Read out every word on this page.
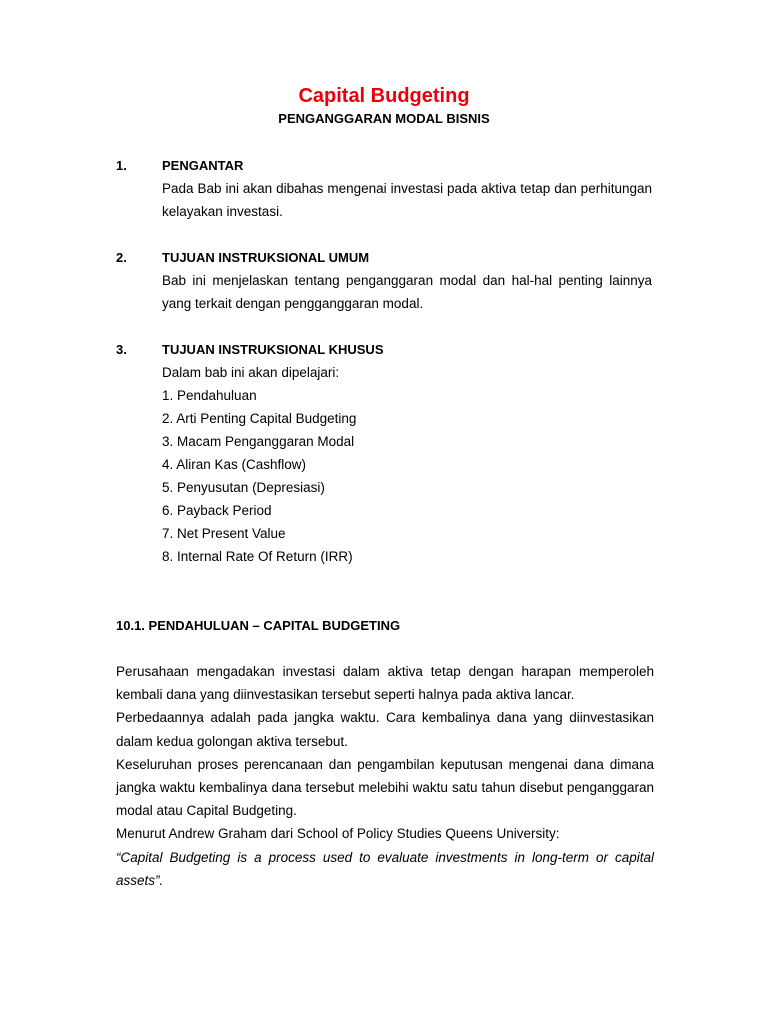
Capital Budgeting
PENGANGGARAN MODAL BISNIS
1.	PENGANTAR
Pada Bab ini akan dibahas mengenai investasi pada aktiva tetap dan perhitungan kelayakan investasi.
2.	TUJUAN INSTRUKSIONAL UMUM
Bab ini menjelaskan tentang penganggaran modal dan hal-hal penting lainnya yang terkait dengan pengganggaran modal.
3.	TUJUAN INSTRUKSIONAL KHUSUS
Dalam bab ini akan dipelajari:
1. Pendahuluan
2. Arti Penting Capital Budgeting
3. Macam Penganggaran Modal
4. Aliran Kas (Cashflow)
5. Penyusutan (Depresiasi)
6. Payback Period
7. Net Present Value
8. Internal Rate Of Return (IRR)
10.1. PENDAHULUAN – CAPITAL BUDGETING

Perusahaan mengadakan investasi dalam aktiva tetap dengan harapan memperoleh kembali dana yang diinvestasikan tersebut seperti halnya pada aktiva lancar.

Perbedaannya adalah pada jangka waktu. Cara kembalinya dana yang diinvestasikan dalam kedua golongan aktiva tersebut.

Keseluruhan proses perencanaan dan pengambilan keputusan mengenai dana dimana jangka waktu kembalinya dana tersebut melebihi waktu satu tahun disebut penganggaran modal atau Capital Budgeting.

Menurut Andrew Graham dari School of Policy Studies Queens University:

“Capital Budgeting is a process used to evaluate investments in long-term or capital assets”.
